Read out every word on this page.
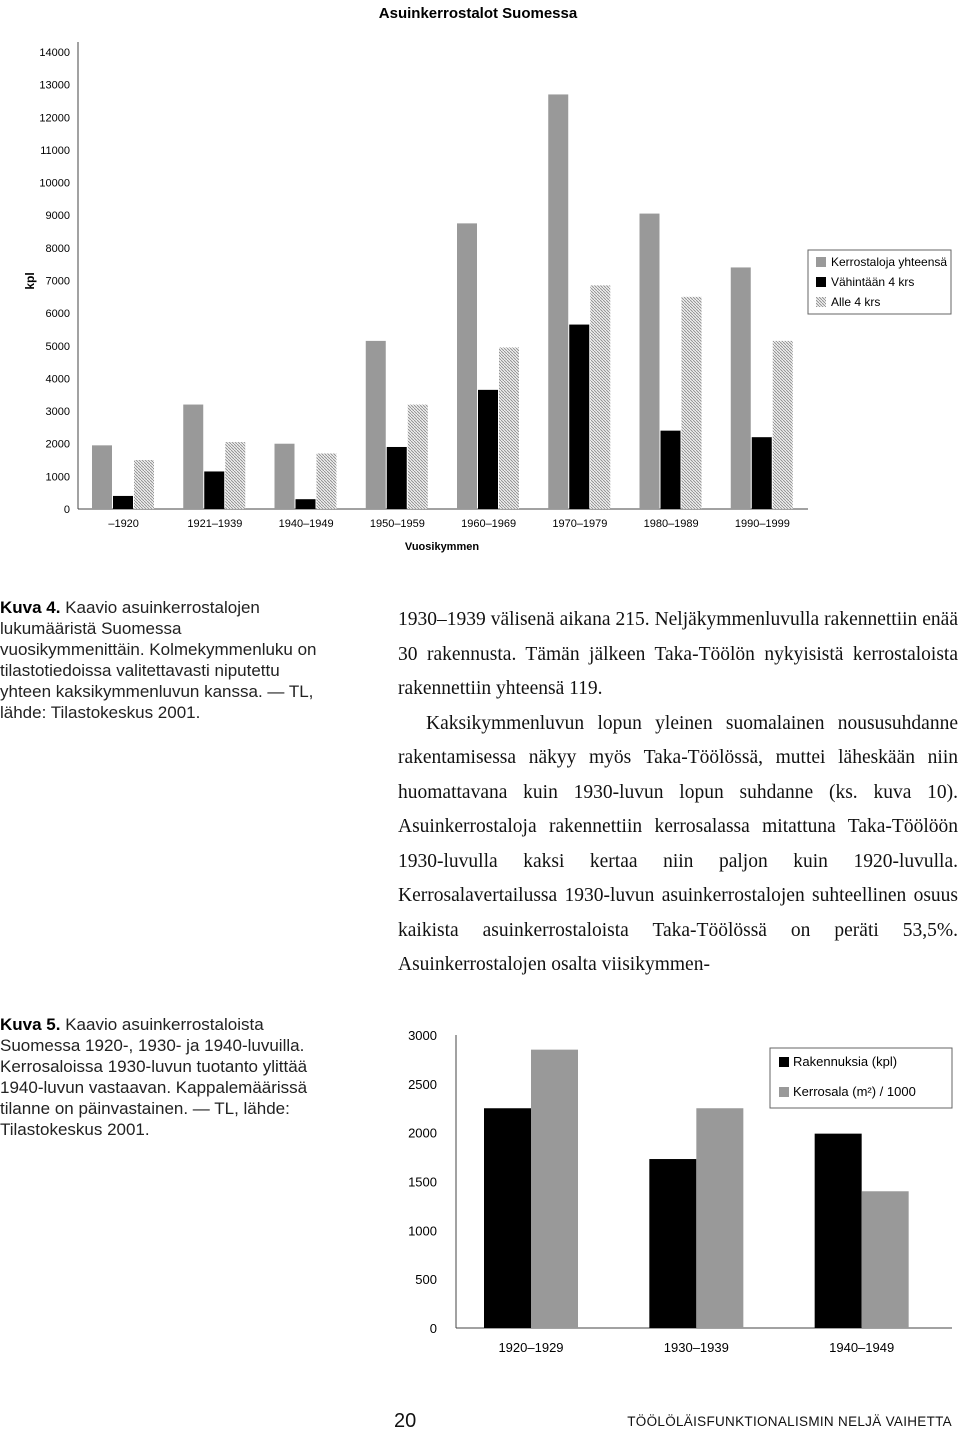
Asuinkerrostalot Suomessa
kpl
Vuosikymmen
0
1000
2000
3000
4000
5000
6000
7000
8000
9000
10000
11000
12000
13000
14000
–1920	1921–1939	1940–1949	1950–1959	1960–1969	1970–1979	1980–1989	1990–1999
Kerrostaloja yhteensä
Vähintään 4 krs
Alle 4 krs
Kuva 4. Kaavio asuinkerrostalojen lukumääristä Suomessa vuosikymmenittäin. Kolmekymmenluku on tilastotiedoissa valitettavasti niputettu yhteen kaksikymmenluvun kanssa. — TL, lähde: Tilastokeskus 2001.

1930–1939 välisenä aikana 215. Neljäkymmenluvulla rakennettiin enää 30 rakennusta. Tämän jälkeen Taka-Töölön nykyisistä kerrostaloista rakennettiin yhteensä 119.

Kaksikymmenluvun lopun yleinen suomalainen noususuhdanne rakentamisessa näkyy myös Taka-Töölössä, muttei läheskään niin huomattavana kuin 1930-luvun lopun suhdanne (ks. kuva 10). Asuinkerrostaloja rakennettiin kerrosalassa mitattuna Taka-Töölöön 1930-luvulla kaksi kertaa niin paljon kuin 1920-luvulla. Kerrosalavertailussa 1930-luvun asuinkerrostalojen suhteellinen osuus kaikista asuinkerrostaloista Taka-Töölössä on peräti 53,5%. Asuinkerrostalojen osalta viisikymmen-

Kuva 5. Kaavio asuinkerrostaloista Suomessa 1920-, 1930- ja 1940-luvuilla. Kerrosaloissa 1930-luvun tuotanto ylittää 1940-luvun vastaavan. Kappalemäärissä tilanne on päinvastainen. — TL, lähde: Tilastokeskus 2001.
0
500
1000
1500
2000
2500
3000
1920–1929	1930–1939	1940–1949
Rakennuksia (kpl)
Kerrosala (m²) / 1000
20	TÖÖLÖLÄISFUNKTIONALISMIN NELJÄ VAIHETTA
